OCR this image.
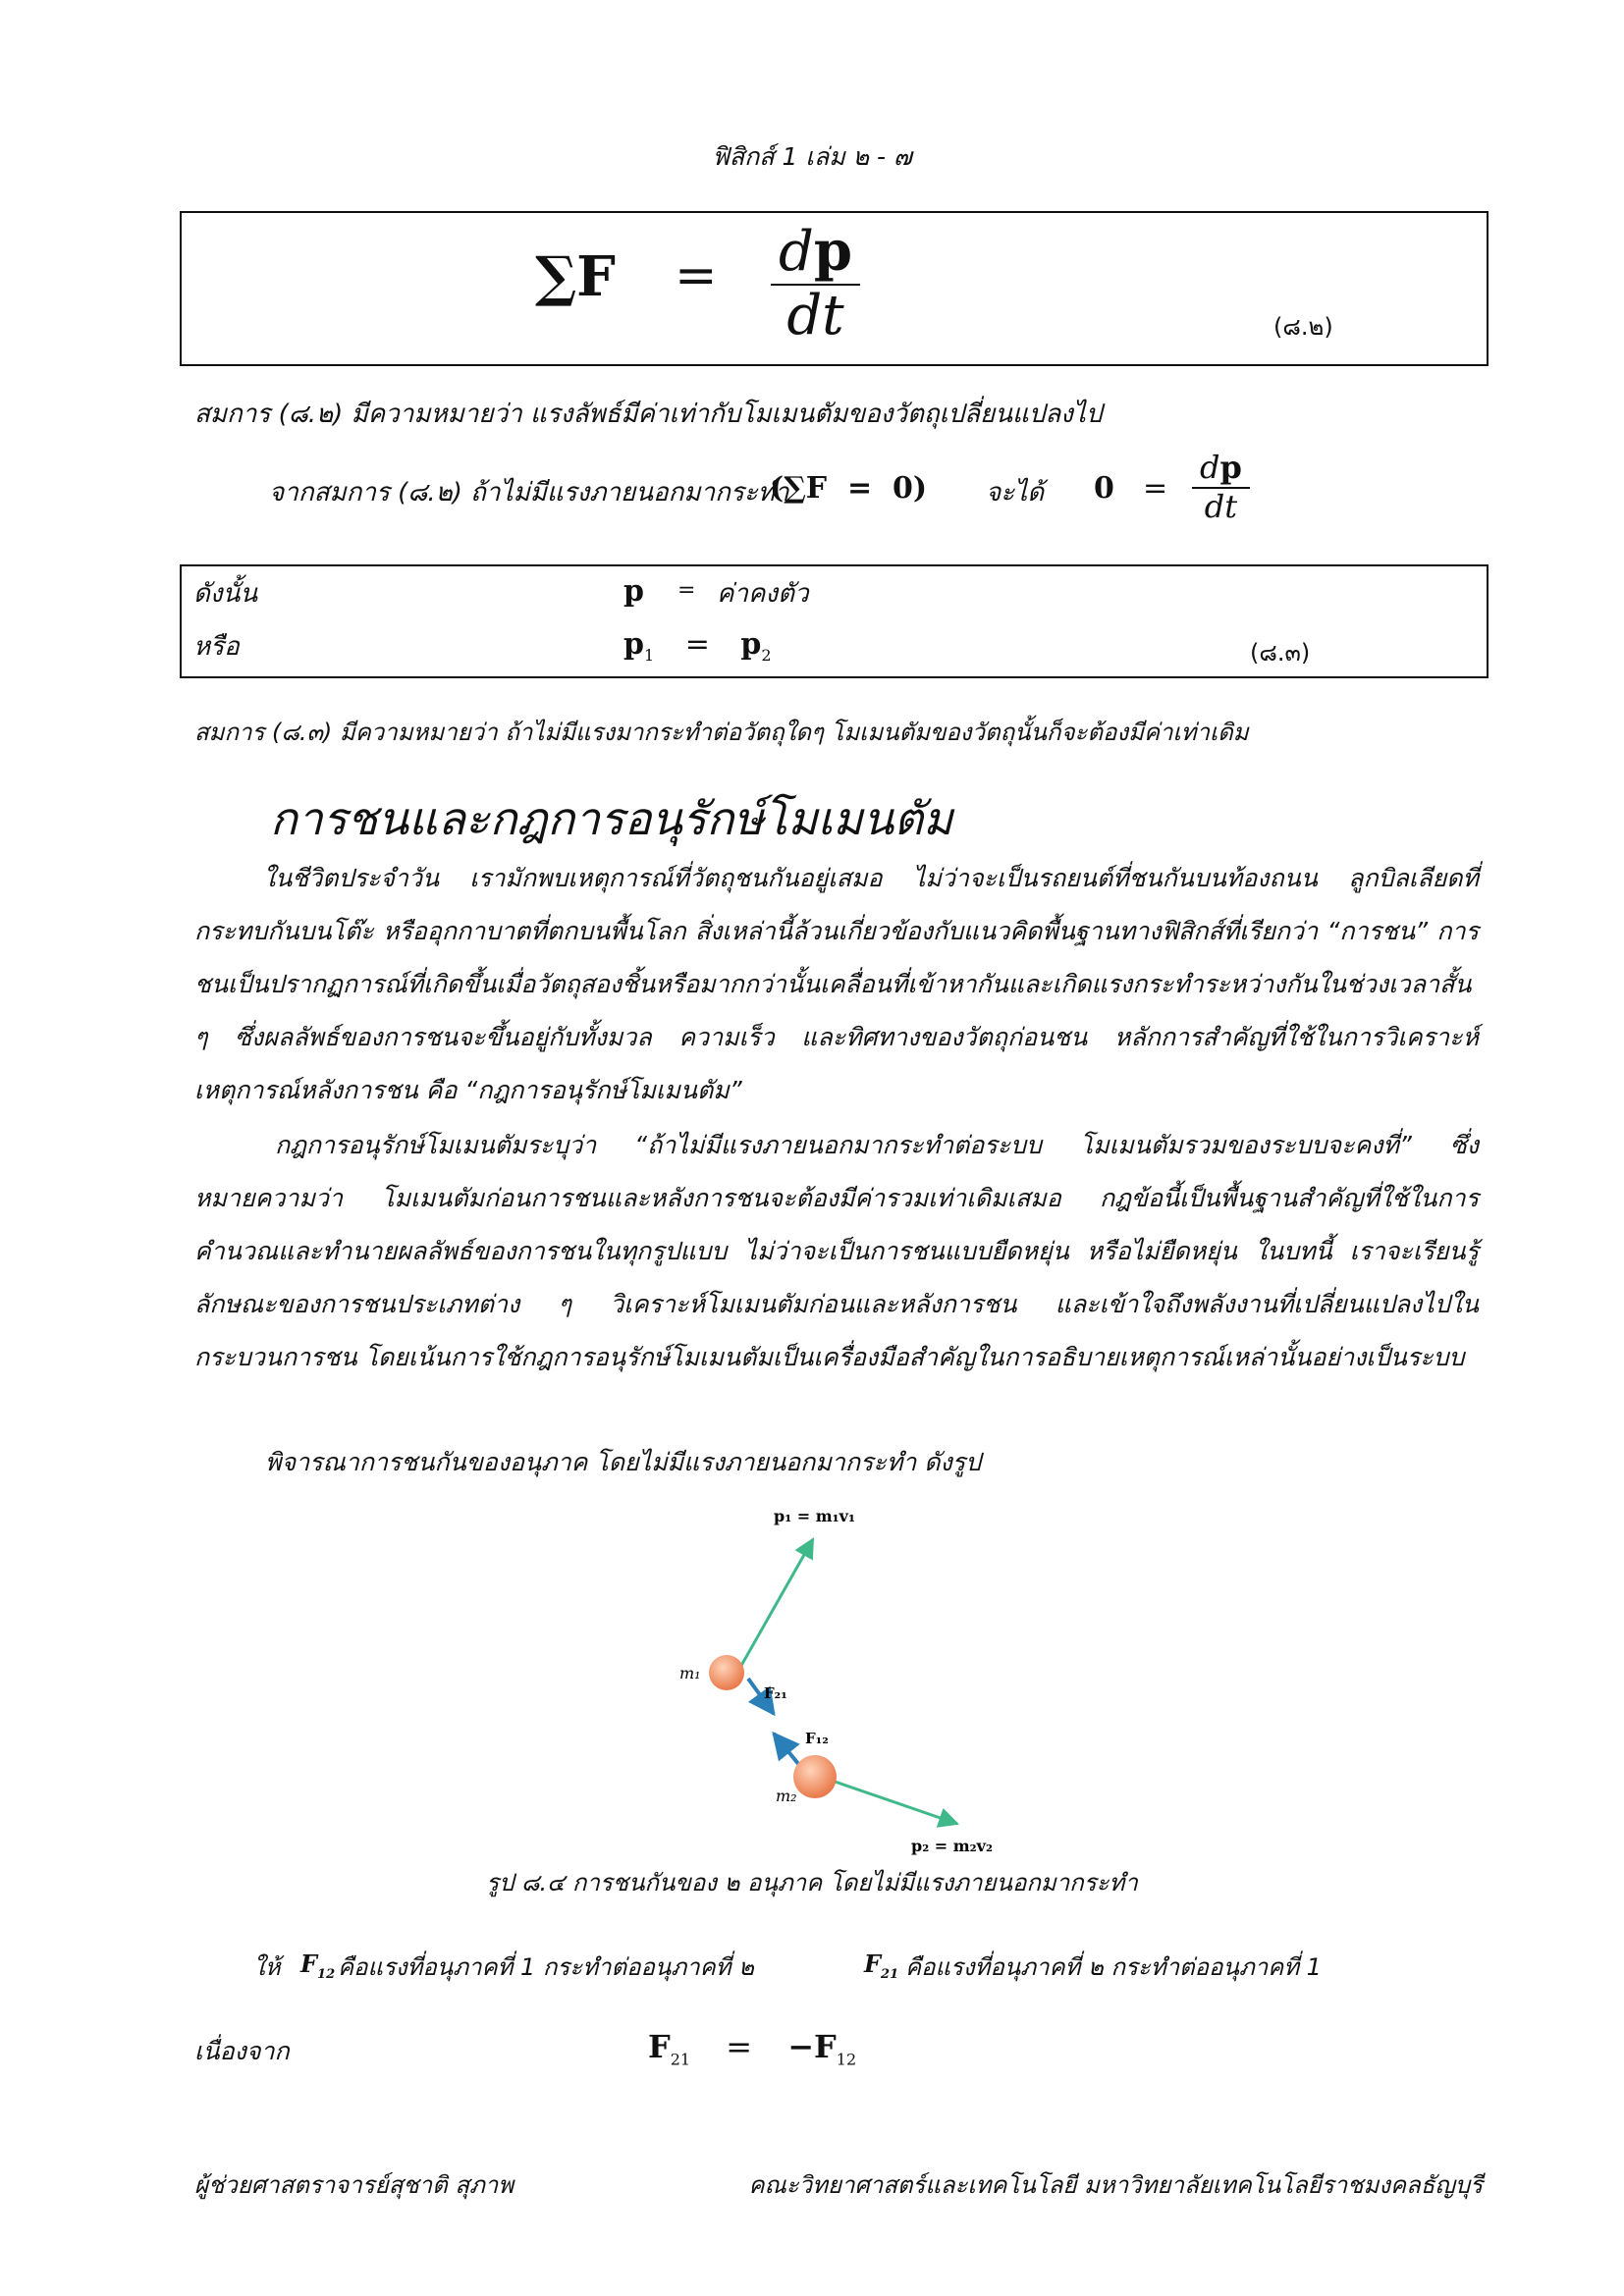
ฟิสิกส์ 1 เล่ม ๒ - ๗
$\sum F = \frac{dp}{dt}$	(๘.๒)
สมการ (๘.๒) มีความหมายว่า แรงลัพธ์มีค่าเท่ากับโมเมนตัมของวัตถุเปลี่ยนแปลงไป
จากสมการ (๘.๒) ถ้าไม่มีแรงภายนอกมากระทำ
(∑F  =  0) จะได้ $0 = \frac{dp}{dt}$
ดังนั้น	p = ค่าคงตัว
หรือ	$p_1 = p_2$	(๘.๓)
สมการ (๘.๓) มีความหมายว่า ถ้าไม่มีแรงมากระทำต่อวัตถุใดๆ โมเมนตัมของวัตถุนั้นก็จะต้องมีค่าเท่าเดิม
การชนและกฎการอนุรักษ์โมเมนตัม
ในชีวิตประจำวัน เรามักพบเหตุการณ์ที่วัตถุชนกันอยู่เสมอ ไม่ว่าจะเป็นรถยนต์ที่ชนกันบนท้องถนน ลูกบิลเลียดที่กระทบกันบนโต๊ะ หรืออุกกาบาตที่ตกบนพื้นโลก สิ่งเหล่านี้ล้วนเกี่ยวข้องกับแนวคิดพื้นฐานทางฟิสิกส์ที่เรียกว่า “การชน” การชนเป็นปรากฏการณ์ที่เกิดขึ้นเมื่อวัตถุสองชิ้นหรือมากกว่านั้นเคลื่อนที่เข้าหากันและเกิดแรงกระทำระหว่างกันในช่วงเวลาสั้น ๆ ซึ่งผลลัพธ์ของการชนจะขึ้นอยู่กับทั้งมวล ความเร็ว และทิศทางของวัตถุก่อนชน หลักการสำคัญที่ใช้ในการวิเคราะห์เหตุการณ์หลังการชน คือ “กฎการอนุรักษ์โมเมนตัม”
กฎการอนุรักษ์โมเมนตัมระบุว่า “ถ้าไม่มีแรงภายนอกมากระทำต่อระบบ โมเมนตัมรวมของระบบจะคงที่” ซึ่งหมายความว่า โมเมนตัมก่อนการชนและหลังการชนจะต้องมีค่ารวมเท่าเดิมเสมอ กฎข้อนี้เป็นพื้นฐานสำคัญที่ใช้ในการคำนวณและทำนายผลลัพธ์ของการชนในทุกรูปแบบ ไม่ว่าจะเป็นการชนแบบยืดหยุ่น หรือไม่ยืดหยุ่น ในบทนี้ เราจะเรียนรู้ลักษณะของการชนประเภทต่าง ๆ วิเคราะห์โมเมนตัมก่อนและหลังการชน และเข้าใจถึงพลังงานที่เปลี่ยนแปลงไปในกระบวนการชน โดยเน้นการใช้กฎการอนุรักษ์โมเมนตัมเป็นเครื่องมือสำคัญในการอธิบายเหตุการณ์เหล่านั้นอย่างเป็นระบบ
พิจารณาการชนกันของอนุภาค โดยไม่มีแรงภายนอกมากระทำ ดังรูป
p₁ = m₁v₁
m₁
F₂₁
F₁₂
m₂
p₂ = m₂v₂
รูป ๘.๔ การชนกันของ ๒ อนุภาค โดยไม่มีแรงภายนอกมากระทำ
ให้ $F_{12}$ คือแรงที่อนุภาคที่ 1 กระทำต่ออนุภาคที่ ๒	$F_{21}$ คือแรงที่อนุภาคที่ ๒ กระทำต่ออนุภาคที่ 1
เนื่องจาก	$F_{21} = -F_{12}$
ผู้ช่วยศาสตราจารย์สุชาติ สุภาพ	คณะวิทยาศาสตร์และเทคโนโลยี มหาวิทยาลัยเทคโนโลยีราชมงคลธัญบุรี
